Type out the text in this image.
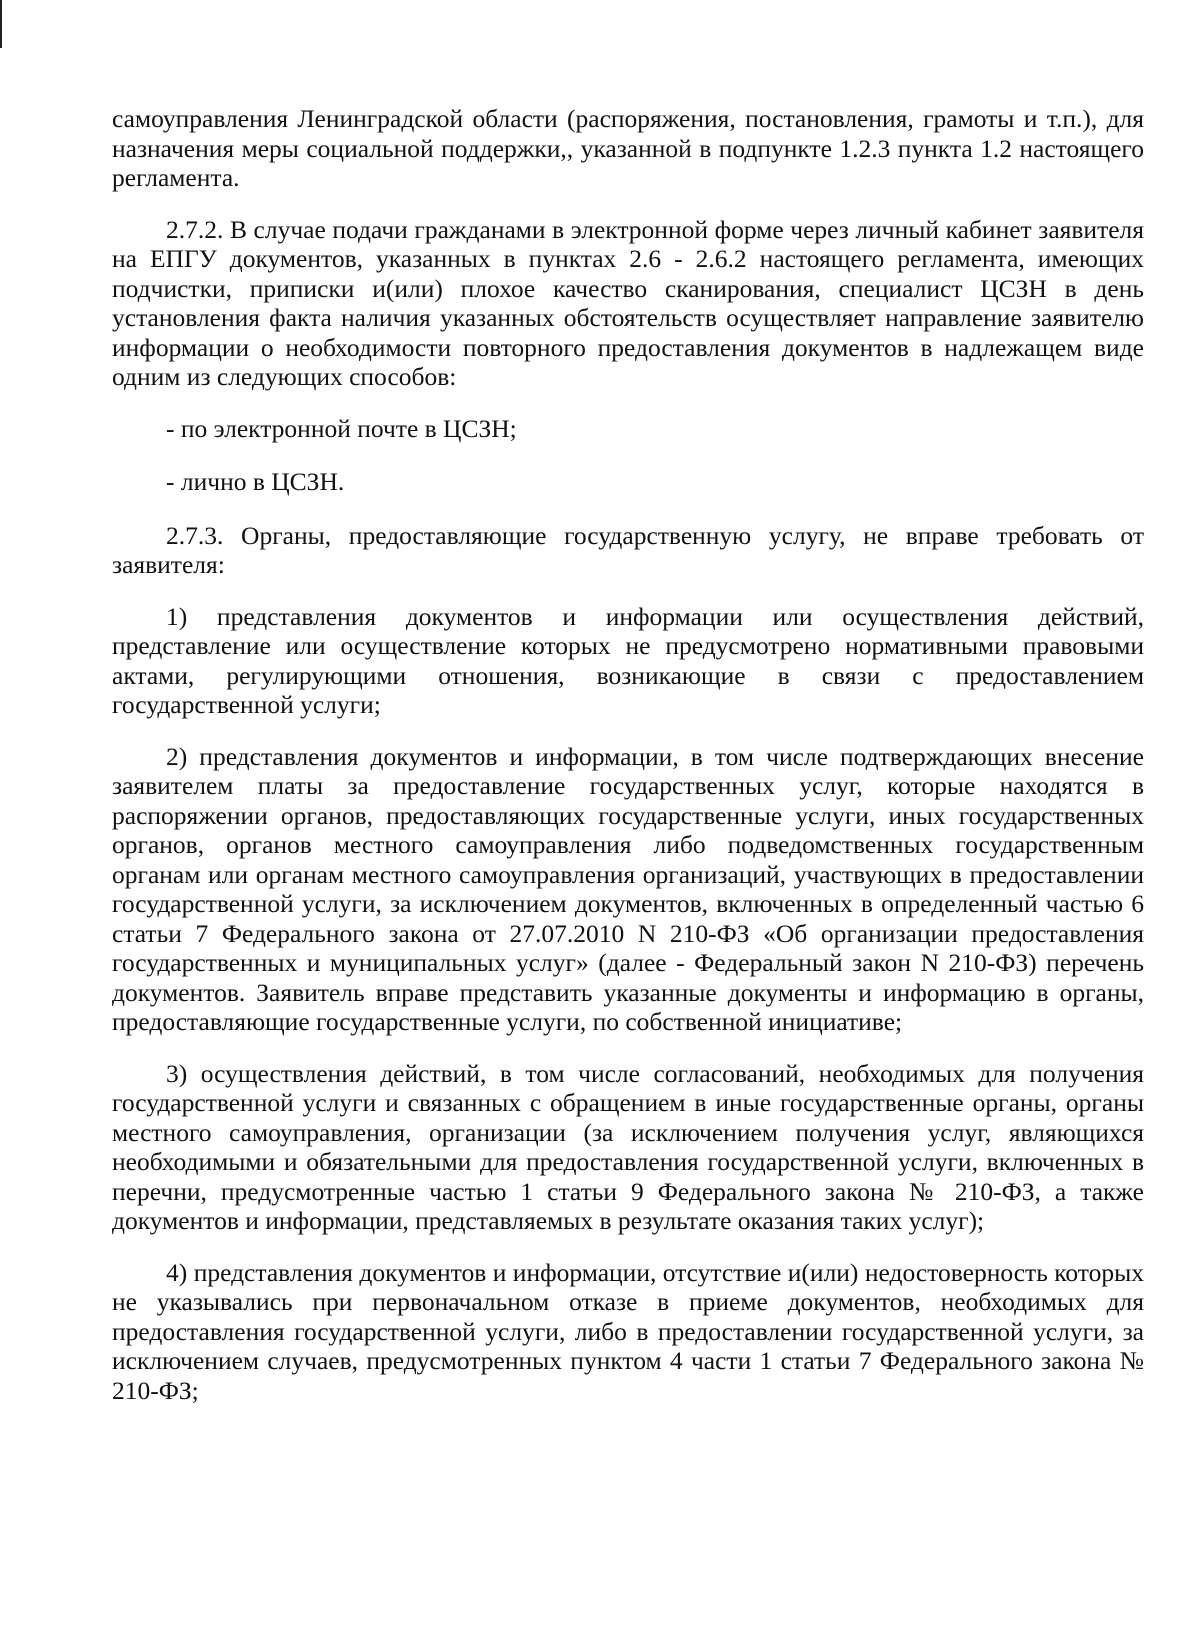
самоуправления Ленинградской области (распоряжения, постановления, грамоты и т.п.), для назначения меры социальной поддержки,, указанной в подпункте 1.2.3 пункта 1.2 настоящего регламента.

2.7.2. В случае подачи гражданами в электронной форме через личный кабинет заявителя на ЕПГУ документов, указанных в пунктах 2.6 - 2.6.2 настоящего регламента, имеющих подчистки, приписки и(или) плохое качество сканирования, специалист ЦСЗН в день установления факта наличия указанных обстоятельств осуществляет направление заявителю информации о необходимости повторного предоставления документов в надлежащем виде одним из следующих способов:

- по электронной почте в ЦСЗН;

- лично в ЦСЗН.

2.7.3. Органы, предоставляющие государственную услугу, не вправе требовать от заявителя:

1) представления документов и информации или осуществления действий, представление или осуществление которых не предусмотрено нормативными правовыми актами, регулирующими отношения, возникающие в связи с предоставлением государственной услуги;

2) представления документов и информации, в том числе подтверждающих внесение заявителем платы за предоставление государственных услуг, которые находятся в распоряжении органов, предоставляющих государственные услуги, иных государственных органов, органов местного самоуправления либо подведомственных государственным органам или органам местного самоуправления организаций, участвующих в предоставлении государственной услуги, за исключением документов, включенных в определенный частью 6 статьи 7 Федерального закона от 27.07.2010 N 210-ФЗ «Об организации предоставления государственных и муниципальных услуг» (далее - Федеральный закон N 210-ФЗ) перечень документов. Заявитель вправе представить указанные документы и информацию в органы, предоставляющие государственные услуги, по собственной инициативе;

3) осуществления действий, в том числе согласований, необходимых для получения государственной услуги и связанных с обращением в иные государственные органы, органы местного самоуправления, организации (за исключением получения услуг, являющихся необходимыми и обязательными для предоставления государственной услуги, включенных в перечни, предусмотренные частью 1 статьи 9 Федерального закона № 210-ФЗ, а также документов и информации, представляемых в результате оказания таких услуг);

4) представления документов и информации, отсутствие и(или) недостоверность которых не указывались при первоначальном отказе в приеме документов, необходимых для предоставления государственной услуги, либо в предоставлении государственной услуги, за исключением случаев, предусмотренных пунктом 4 части 1 статьи 7 Федерального закона № 210-ФЗ;
